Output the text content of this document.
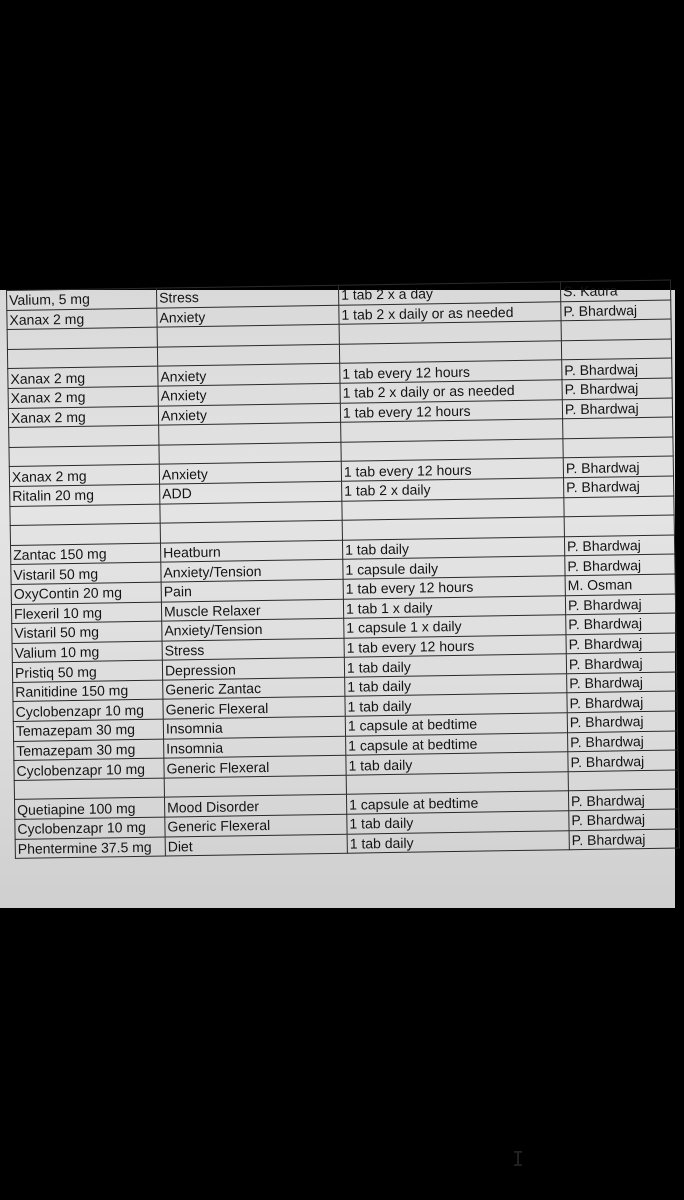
Valium, 5 mg	Stress	1 tab 2 x a day	S. Kaura
Xanax 2 mg	Anxiety	1 tab 2 x daily or as needed	P. Bhardwaj

Xanax 2 mg	Anxiety	1 tab every 12 hours	P. Bhardwaj
Xanax 2 mg	Anxiety	1 tab 2 x daily or as needed	P. Bhardwaj
Xanax 2 mg	Anxiety	1 tab every 12 hours	P. Bhardwaj

Xanax 2 mg	Anxiety	1 tab every 12 hours	P. Bhardwaj
Ritalin 20 mg	ADD	1 tab 2 x daily	P. Bhardwaj

Zantac 150 mg	Heatburn	1 tab daily	P. Bhardwaj
Vistaril 50 mg	Anxiety/Tension	1 capsule daily	P. Bhardwaj
OxyContin 20 mg	Pain	1 tab every 12 hours	M. Osman
Flexeril 10 mg	Muscle Relaxer	1 tab 1 x daily	P. Bhardwaj
Vistaril 50 mg	Anxiety/Tension	1 capsule 1 x daily	P. Bhardwaj
Valium 10 mg	Stress	1 tab every 12 hours	P. Bhardwaj
Pristiq 50 mg	Depression	1 tab daily	P. Bhardwaj
Ranitidine 150 mg	Generic Zantac	1 tab daily	P. Bhardwaj
Cyclobenzapr 10 mg	Generic Flexeral	1 tab daily	P. Bhardwaj
Temazepam 30 mg	Insomnia	1 capsule at bedtime	P. Bhardwaj
Temazepam 30 mg	Insomnia	1 capsule at bedtime	P. Bhardwaj
Cyclobenzapr 10 mg	Generic Flexeral	1 tab daily	P. Bhardwaj

Quetiapine 100 mg	Mood Disorder	1 capsule at bedtime	P. Bhardwaj
Cyclobenzapr 10 mg	Generic Flexeral	1 tab daily	P. Bhardwaj
Phentermine 37.5 mg	Diet	1 tab daily	P. Bhardwaj
I
